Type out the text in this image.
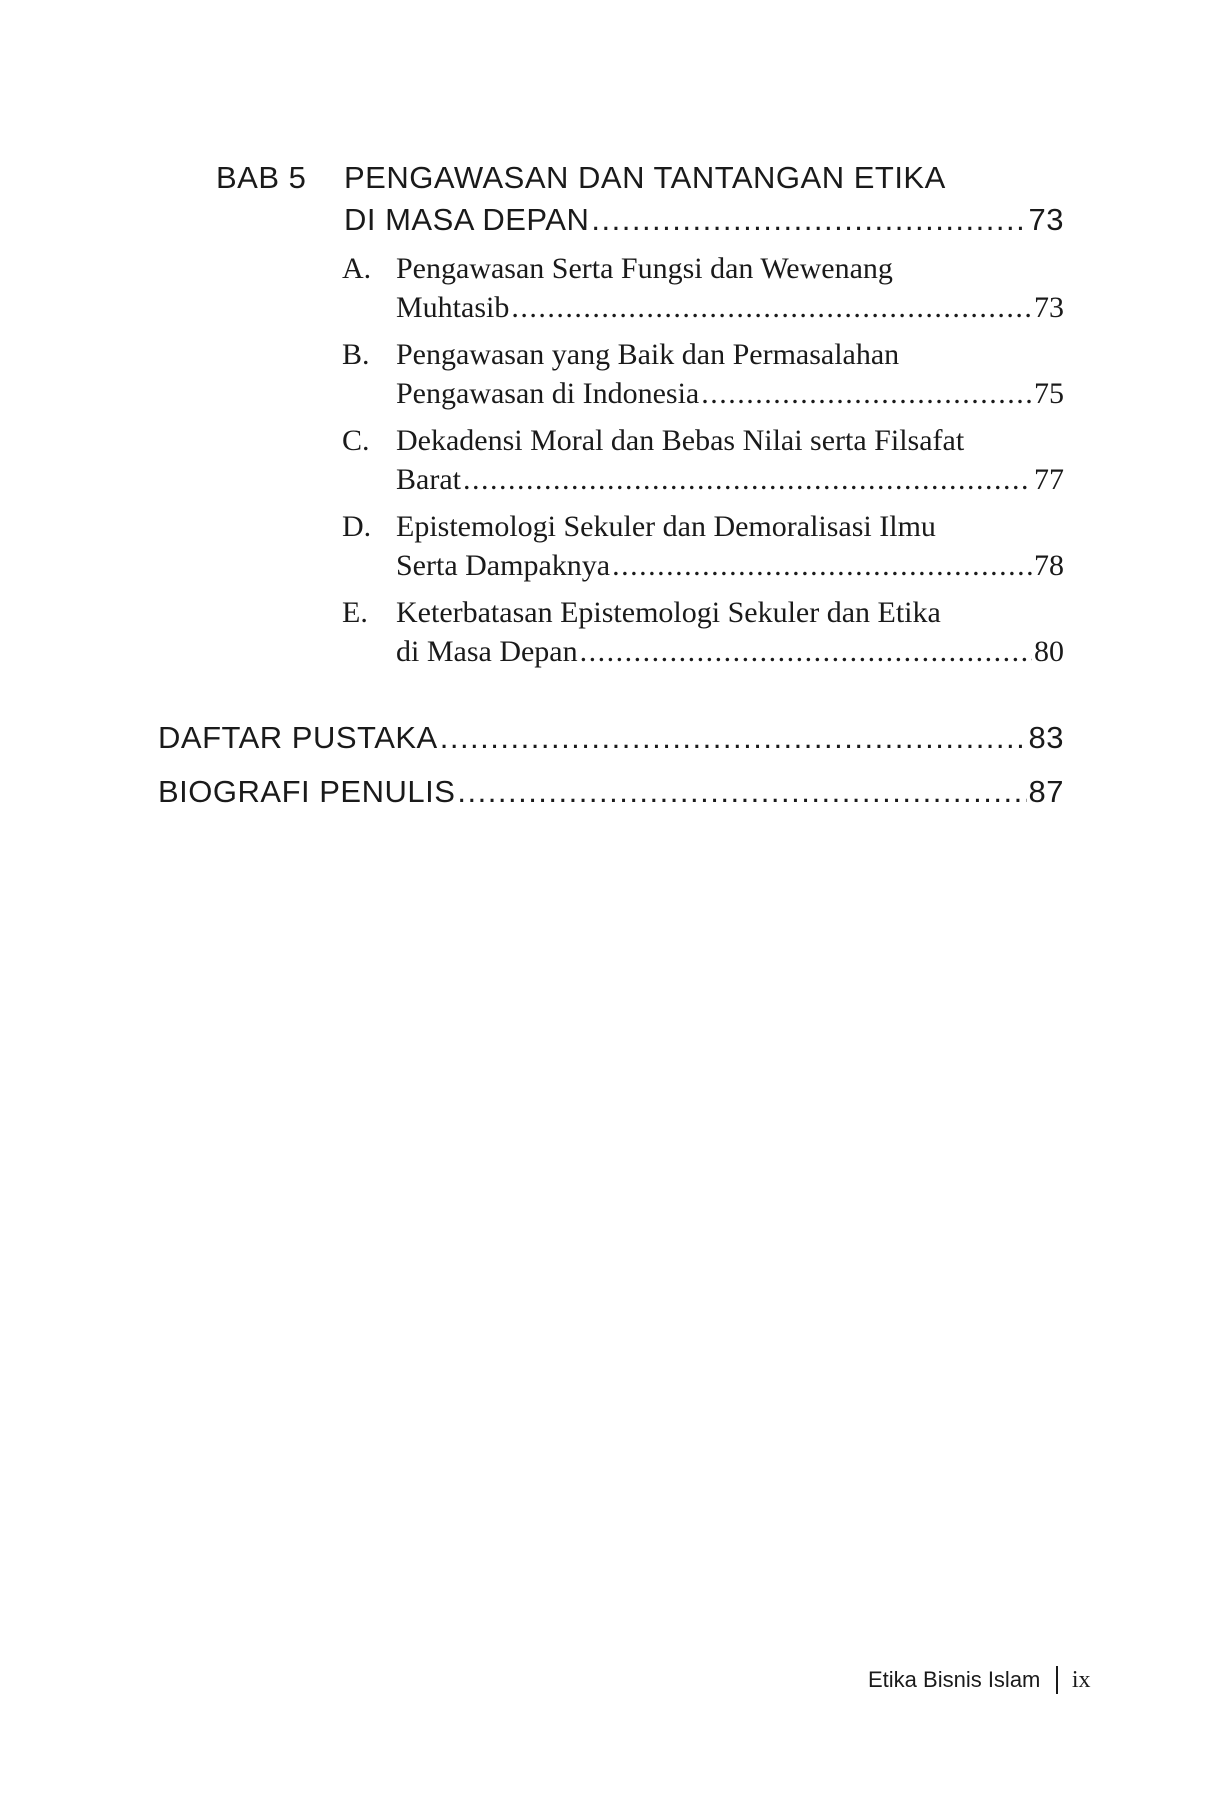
BAB 5 PENGAWASAN DAN TANTANGAN ETIKA
DI MASA DEPAN .....	73
A. Pengawasan Serta Fungsi dan Wewenang
Muhtasib .....	73
B. Pengawasan yang Baik dan Permasalahan
Pengawasan di Indonesia .....	75
C. Dekadensi Moral dan Bebas Nilai serta Filsafat
Barat .....	77
D. Epistemologi Sekuler dan Demoralisasi Ilmu
Serta Dampaknya .....	78
E. Keterbatasan Epistemologi Sekuler dan Etika
di Masa Depan .....	80
DAFTAR PUSTAKA .....	83
BIOGRAFI PENULIS .....	87
Etika Bisnis Islam ix
